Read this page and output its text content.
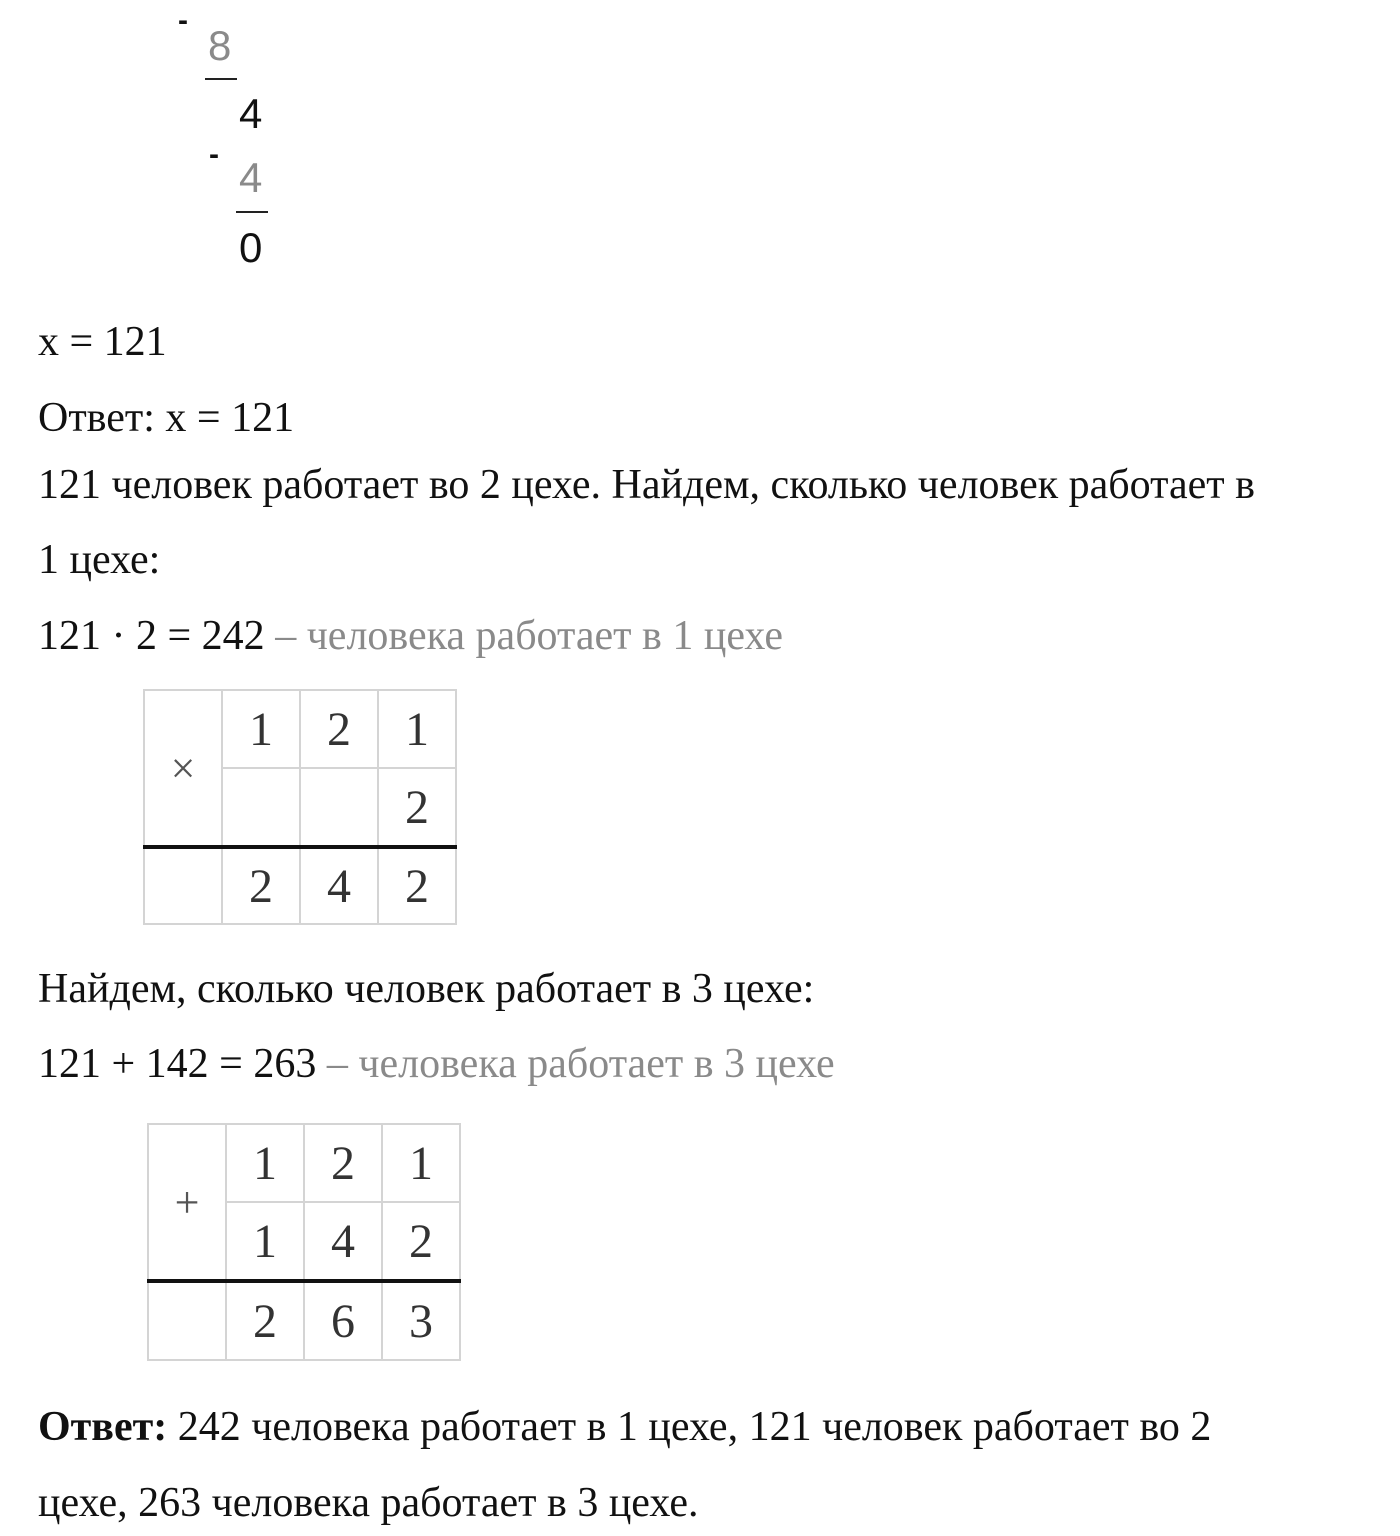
-
8
4
- 4
0
x = 121
Ответ: x = 121
121 человек работает во 2 цехе. Найдем, сколько человек работает в
1 цехе:
121 · 2 = 242 – человека работает в 1 цехе
×	1	2	1
			2
	2	4	2
Найдем, сколько человек работает в 3 цехе:
121 + 142 = 263 – человека работает в 3 цехе
+	1	2	1
	1	4	2
	2	6	3
Ответ: 242 человека работает в 1 цехе, 121 человек работает во 2
цехе, 263 человека работает в 3 цехе.
